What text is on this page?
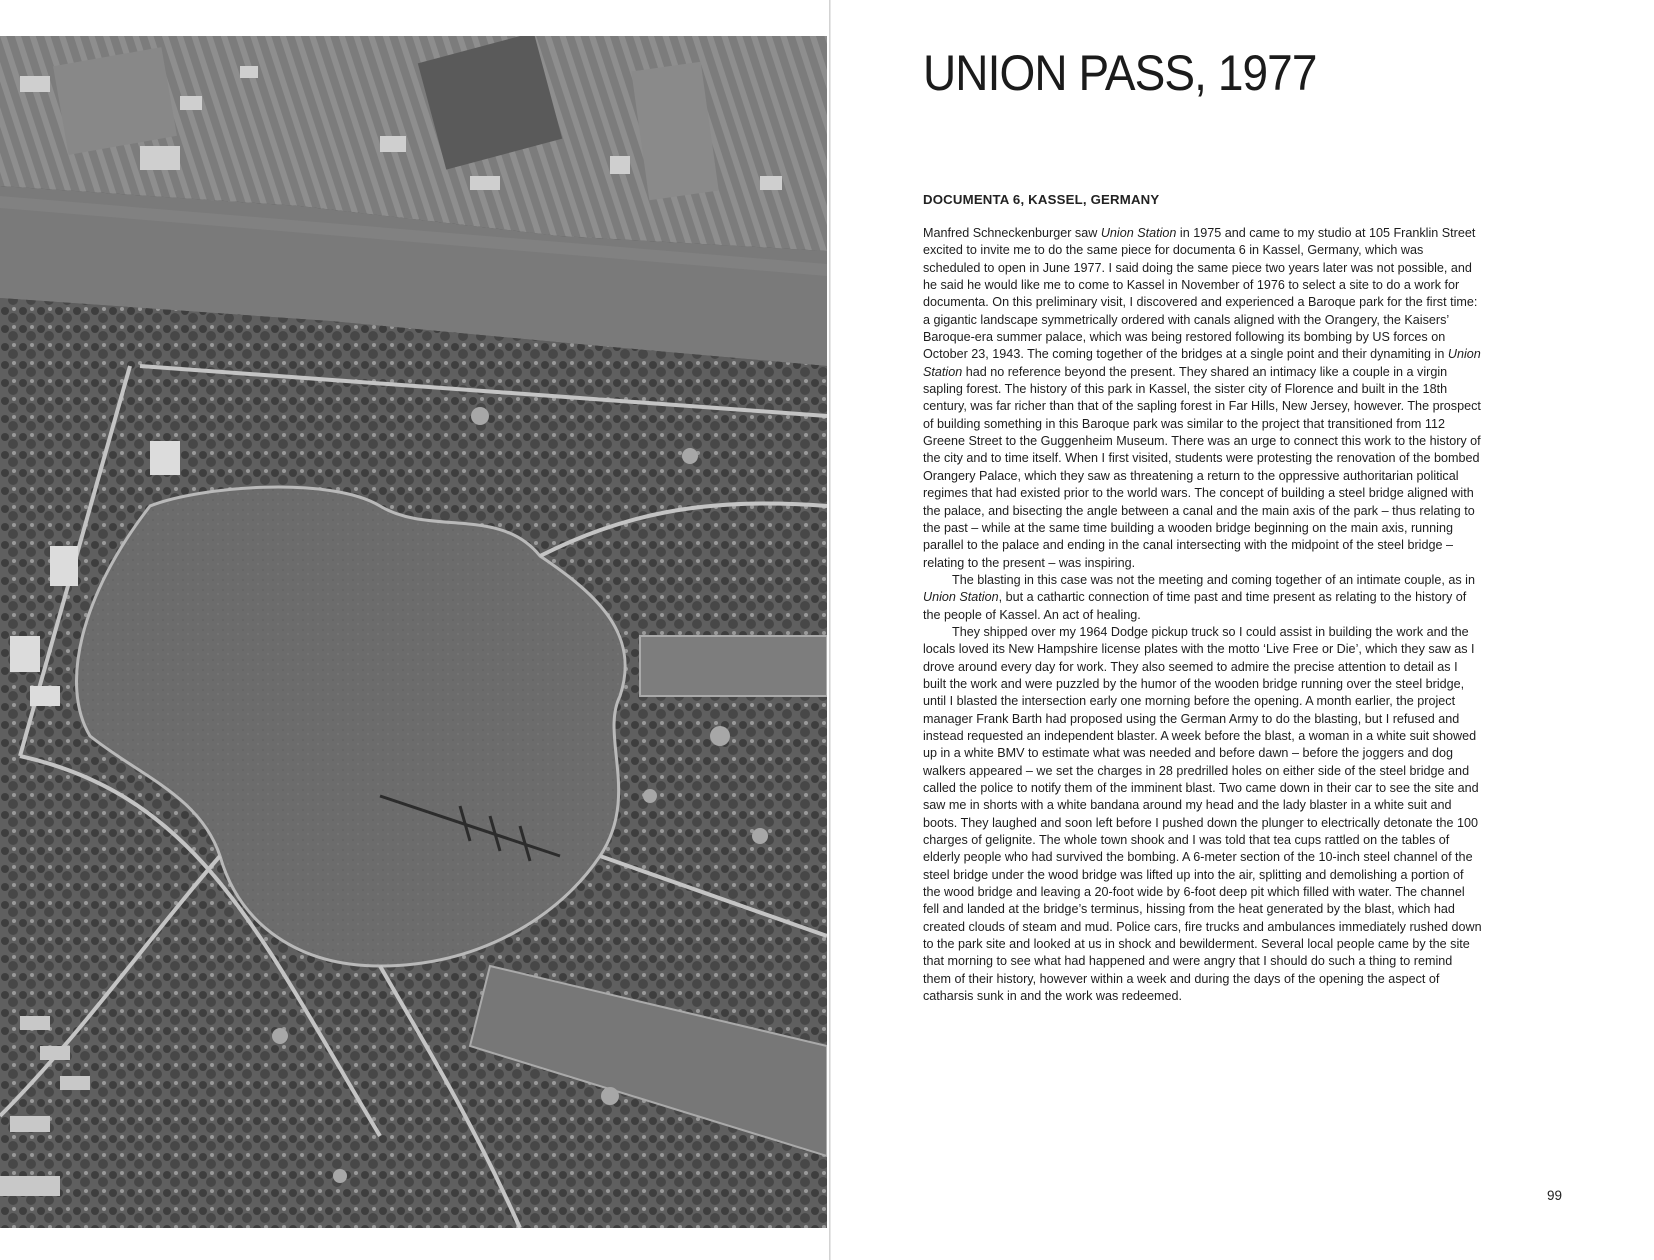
UNION PASS, 1977
DOCUMENTA 6, KASSEL, GERMANY

Manfred Schneckenburger saw Union Station in 1975 and came to my studio at 105 Franklin Street excited to invite me to do the same piece for documenta 6 in Kassel, Germany, which was scheduled to open in June 1977. I said doing the same piece two years later was not possible, and he said he would like me to come to Kassel in November of 1976 to select a site to do a work for documenta. On this preliminary visit, I discovered and experienced a Baroque park for the first time: a gigantic landscape symmetrically ordered with canals aligned with the Orangery, the Kaisers’ Baroque-era summer palace, which was being restored following its bombing by US forces on October 23, 1943. The coming together of the bridges at a single point and their dynamiting in Union Station had no reference beyond the present. They shared an intimacy like a couple in a virgin sapling forest. The history of this park in Kassel, the sister city of Florence and built in the 18th century, was far richer than that of the sapling forest in Far Hills, New Jersey, however. The prospect of building something in this Baroque park was similar to the project that transitioned from 112 Greene Street to the Guggenheim Museum. There was an urge to connect this work to the history of the city and to time itself. When I first visited, students were protesting the renovation of the bombed Orangery Palace, which they saw as threatening a return to the oppressive authoritarian political regimes that had existed prior to the world wars. The concept of building a steel bridge aligned with the palace, and bisecting the angle between a canal and the main axis of the park – thus relating to the past – while at the same time building a wooden bridge beginning on the main axis, running parallel to the palace and ending in the canal intersecting with the midpoint of the steel bridge – relating to the present – was inspiring.

The blasting in this case was not the meeting and coming together of an intimate couple, as in Union Station, but a cathartic connection of time past and time present as relating to the history of the people of Kassel. An act of healing.

They shipped over my 1964 Dodge pickup truck so I could assist in building the work and the locals loved its New Hampshire license plates with the motto ‘Live Free or Die’, which they saw as I drove around every day for work. They also seemed to admire the precise attention to detail as I built the work and were puzzled by the humor of the wooden bridge running over the steel bridge, until I blasted the intersection early one morning before the opening. A month earlier, the project manager Frank Barth had proposed using the German Army to do the blasting, but I refused and instead requested an independent blaster. A week before the blast, a woman in a white suit showed up in a white BMV to estimate what was needed and before dawn – before the joggers and dog walkers appeared – we set the charges in 28 predrilled holes on either side of the steel bridge and called the police to notify them of the imminent blast. Two came down in their car to see the site and saw me in shorts with a white bandana around my head and the lady blaster in a white suit and boots. They laughed and soon left before I pushed down the plunger to electrically detonate the 100 charges of gelignite. The whole town shook and I was told that tea cups rattled on the tables of elderly people who had survived the bombing. A 6-meter section of the 10-inch steel channel of the steel bridge under the wood bridge was lifted up into the air, splitting and demolishing a portion of the wood bridge and leaving a 20-foot wide by 6-foot deep pit which filled with water. The channel fell and landed at the bridge’s terminus, hissing from the heat generated by the blast, which had created clouds of steam and mud. Police cars, fire trucks and ambulances immediately rushed down to the park site and looked at us in shock and bewilderment. Several local people came by the site that morning to see what had happened and were angry that I should do such a thing to remind them of their history, however within a week and during the days of the opening the aspect of catharsis sunk in and the work was redeemed.

99
